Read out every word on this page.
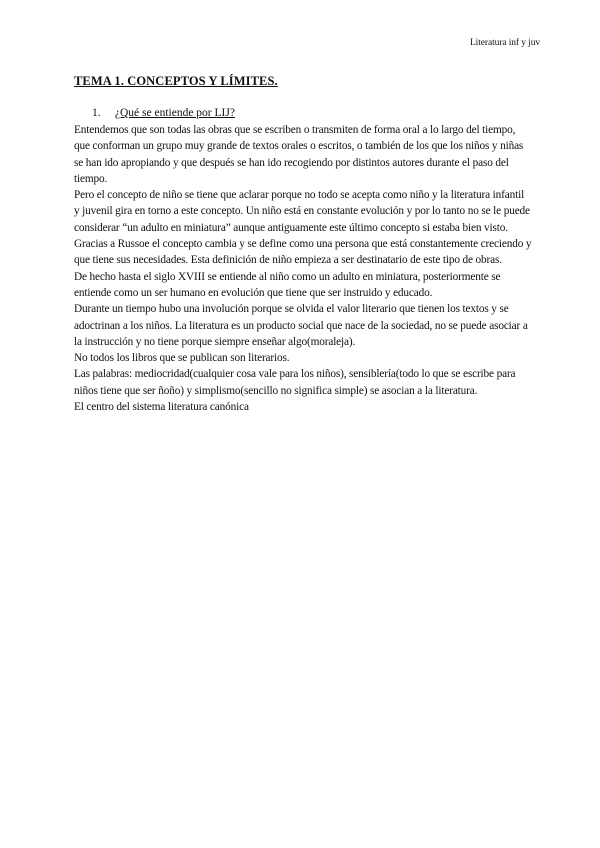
Literatura inf y juv
TEMA 1. CONCEPTOS Y LÍMITES.
1. ¿Qué se entiende por LIJ?

Entendemos que son todas las obras que se escriben o transmiten de forma oral a lo largo del tiempo, que conforman un grupo muy grande de textos orales o escritos, o también de los que los niños y niñas se han ido apropiando y que después se han ido recogiendo por distintos autores durante el paso del tiempo.

Pero el concepto de niño se tiene que aclarar porque no todo se acepta como niño y la literatura infantil y juvenil gira en torno a este concepto. Un niño está en constante evolución y por lo tanto no se le puede considerar “un adulto en miniatura” aunque antiguamente este último concepto si estaba bien visto.

Gracias a Russoe el concepto cambia y se define como una persona que está constantemente creciendo y que tiene sus necesidades. Esta definición de niño empieza a ser destinatario de este tipo de obras.

De hecho hasta el siglo XVIII se entiende al niño como un adulto en miniatura, posteriormente se entiende como un ser humano en evolución que tiene que ser instruido y educado.

Durante un tiempo hubo una involución porque se olvida el valor literario que tienen los textos y se adoctrinan a los niños. La literatura es un producto social que nace de la sociedad, no se puede asociar a la instrucción y no tiene porque siempre enseñar algo(moraleja).

No todos los libros que se publican son literarios.

Las palabras: mediocridad(cualquier cosa vale para los niños), sensiblería(todo lo que se escribe para niños tiene que ser ñoño) y simplismo(sencillo no significa simple) se asocian a la literatura.

El centro del sistema literatura canónica
